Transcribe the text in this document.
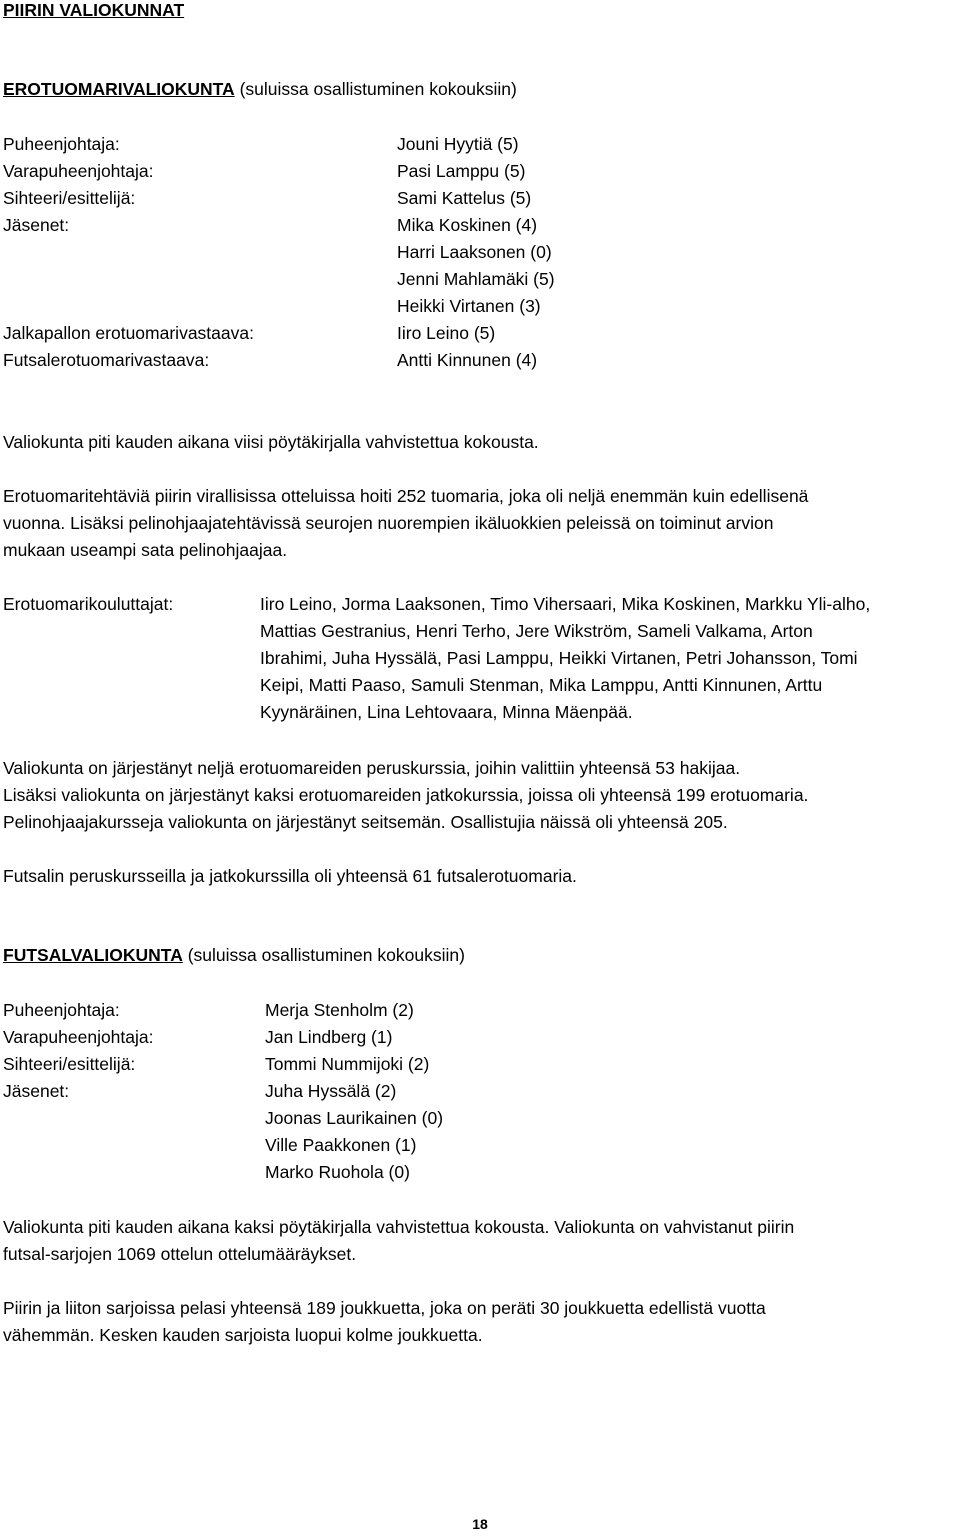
PIIRIN VALIOKUNNAT
EROTUOMARIVALIOKUNTA (suluissa osallistuminen kokouksiin)
Puheenjohtaja:	Jouni Hyytiä (5)
Varapuheenjohtaja:	Pasi Lamppu (5)
Sihteeri/esittelijä:	Sami Kattelus (5)
Jäsenet:	Mika Koskinen (4)
Harri Laaksonen (0)
Jenni Mahlamäki (5)
Heikki Virtanen (3)
Jalkapallon erotuomarivastaava:	Iiro Leino (5)
Futsalerotuomarivastaava:	Antti Kinnunen (4)
Valiokunta piti kauden aikana viisi pöytäkirjalla vahvistettua kokousta.
Erotuomaritehtäviä piirin virallisissa otteluissa hoiti 252 tuomaria, joka oli neljä enemmän kuin edellisenä
vuonna. Lisäksi pelinohjaajatehtävissä seurojen nuorempien ikäluokkien peleissä on toiminut arvion
mukaan useampi sata pelinohjaajaa.
Erotuomarikouluttajat:	Iiro Leino, Jorma Laaksonen, Timo Vihersaari, Mika Koskinen, Markku Yli-alho,
Mattias Gestranius, Henri Terho, Jere Wikström, Sameli Valkama, Arton
Ibrahimi, Juha Hyssälä, Pasi Lamppu, Heikki Virtanen, Petri Johansson, Tomi
Keipi, Matti Paaso, Samuli Stenman, Mika Lamppu, Antti Kinnunen, Arttu
Kyynäräinen, Lina Lehtovaara, Minna Mäenpää.
Valiokunta on järjestänyt neljä erotuomareiden peruskurssia, joihin valittiin yhteensä 53 hakijaa.
Lisäksi valiokunta on järjestänyt kaksi erotuomareiden jatkokurssia, joissa oli yhteensä 199 erotuomaria.
Pelinohjaajakursseja valiokunta on järjestänyt seitsemän. Osallistujia näissä oli yhteensä 205.
Futsalin peruskursseilla ja jatkokurssilla oli yhteensä 61 futsalerotuomaria.
FUTSALVALIOKUNTA (suluissa osallistuminen kokouksiin)
Puheenjohtaja:	Merja Stenholm (2)
Varapuheenjohtaja:	Jan Lindberg (1)
Sihteeri/esittelijä:	Tommi Nummijoki (2)
Jäsenet:	Juha Hyssälä (2)
Joonas Laurikainen (0)
Ville Paakkonen (1)
Marko Ruohola (0)
Valiokunta piti kauden aikana kaksi pöytäkirjalla vahvistettua kokousta. Valiokunta on vahvistanut piirin
futsal-sarjojen 1069 ottelun ottelumääräykset.
Piirin ja liiton sarjoissa pelasi yhteensä 189 joukkuetta, joka on peräti 30 joukkuetta edellistä vuotta
vähemmän. Kesken kauden sarjoista luopui kolme joukkuetta.
18
